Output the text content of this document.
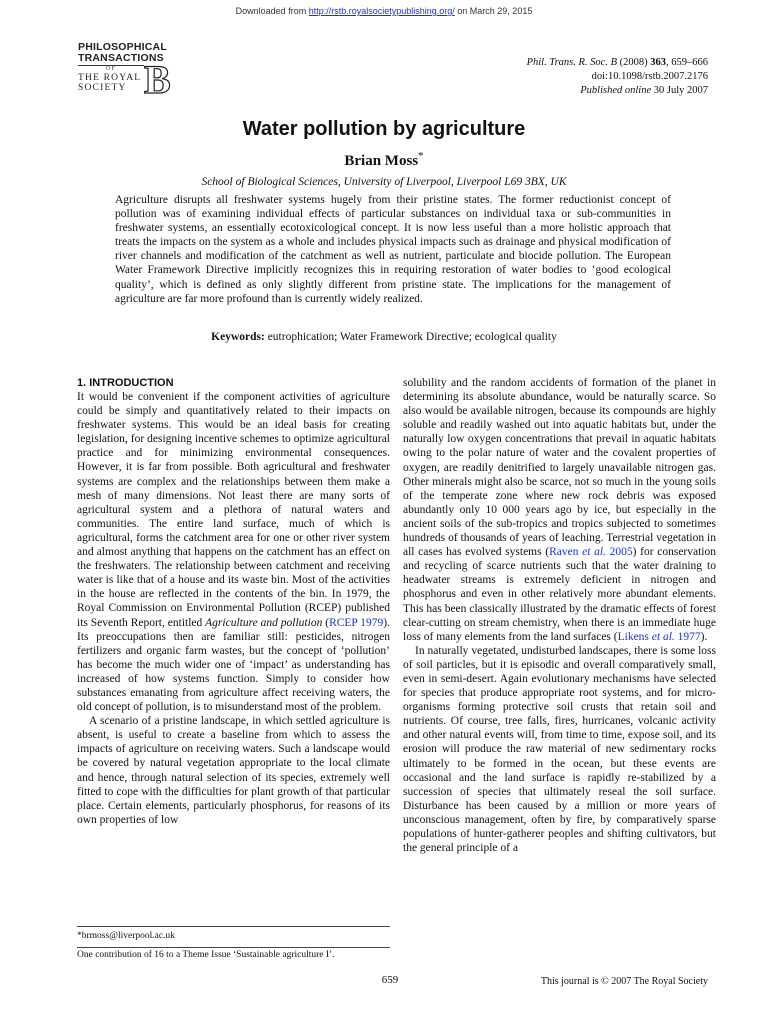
Downloaded from http://rstb.royalsocietypublishing.org/ on March 29, 2015
PHILOSOPHICAL
TRANSACTIONS
OF
THE ROYAL
SOCIETY B	Phil. Trans. R. Soc. B (2008) 363, 659–666
doi:10.1098/rstb.2007.2176
Published online 30 July 2007
Water pollution by agriculture
Brian Moss*
School of Biological Sciences, University of Liverpool, Liverpool L69 3BX, UK

Agriculture disrupts all freshwater systems hugely from their pristine states. The former reductionist concept of pollution was of examining individual effects of particular substances on individual taxa or sub-communities in freshwater systems, an essentially ecotoxicological concept. It is now less useful than a more holistic approach that treats the impacts on the system as a whole and includes physical impacts such as drainage and physical modification of river channels and modification of the catchment as well as nutrient, particulate and biocide pollution. The European Water Framework Directive implicitly recognizes this in requiring restoration of water bodies to ‘good ecological quality’, which is defined as only slightly different from pristine state. The implications for the management of agriculture are far more profound than is currently widely realized.

Keywords: eutrophication; Water Framework Directive; ecological quality
1. INTRODUCTION

It would be convenient if the component activities of agriculture could be simply and quantitatively related to their impacts on freshwater systems. This would be an ideal basis for creating legislation, for designing incentive schemes to optimize agricultural practice and for minimizing environmental consequences. However, it is far from possible. Both agricultural and freshwater systems are complex and the relationships between them make a mesh of many dimensions. Not least there are many sorts of agricultural system and a plethora of natural waters and communities. The entire land surface, much of which is agricultural, forms the catchment area for one or other river system and almost anything that happens on the catchment has an effect on the freshwaters. The relationship between catchment and receiving water is like that of a house and its waste bin. Most of the activities in the house are reflected in the contents of the bin. In 1979, the Royal Commission on Environmental Pollution (RCEP) published its Seventh Report, entitled Agriculture and pollution (RCEP 1979). Its preoccupations then are familiar still: pesticides, nitrogen fertilizers and organic farm wastes, but the concept of ‘pollution’ has become the much wider one of ‘impact’ as understanding has increased of how systems function. Simply to consider how substances emanating from agriculture affect receiving waters, the old concept of pollution, is to misunderstand most of the problem.

A scenario of a pristine landscape, in which settled agriculture is absent, is useful to create a baseline from which to assess the impacts of agriculture on receiving waters. Such a landscape would be covered by natural vegetation appropriate to the local climate and hence, through natural selection of its species, extremely well fitted to cope with the difficulties for plant growth of that particular place. Certain elements, particularly phosphorus, for reasons of its own properties of low

solubility and the random accidents of formation of the planet in determining its absolute abundance, would be naturally scarce. So also would be available nitrogen, because its compounds are highly soluble and readily washed out into aquatic habitats but, under the naturally low oxygen concentrations that prevail in aquatic habitats owing to the polar nature of water and the covalent properties of oxygen, are readily denitrified to largely unavailable nitrogen gas. Other minerals might also be scarce, not so much in the young soils of the temperate zone where new rock debris was exposed abundantly only 10 000 years ago by ice, but especially in the ancient soils of the sub-tropics and tropics subjected to sometimes hundreds of thousands of years of leaching. Terrestrial vegetation in all cases has evolved systems (Raven et al. 2005) for conservation and recycling of scarce nutrients such that the water draining to headwater streams is extremely deficient in nitrogen and phosphorus and even in other relatively more abundant elements. This has been classically illustrated by the dramatic effects of forest clear-cutting on stream chemistry, when there is an immediate huge loss of many elements from the land surfaces (Likens et al. 1977).

In naturally vegetated, undisturbed landscapes, there is some loss of soil particles, but it is episodic and overall comparatively small, even in semi-desert. Again evolutionary mechanisms have selected for species that produce appropriate root systems, and for micro-organisms forming protective soil crusts that retain soil and nutrients. Of course, tree falls, fires, hurricanes, volcanic activity and other natural events will, from time to time, expose soil, and its erosion will produce the raw material of new sedimentary rocks ultimately to be formed in the ocean, but these events are occasional and the land surface is rapidly re-stabilized by a succession of species that ultimately reseal the soil surface. Disturbance has been caused by a million or more years of unconscious management, often by fire, by comparatively sparse populations of hunter-gatherer peoples and shifting cultivators, but the general principle of a

*brmoss@liverpool.ac.uk
One contribution of 16 to a Theme Issue ‘Sustainable agriculture I’.
659	This journal is © 2007 The Royal Society
